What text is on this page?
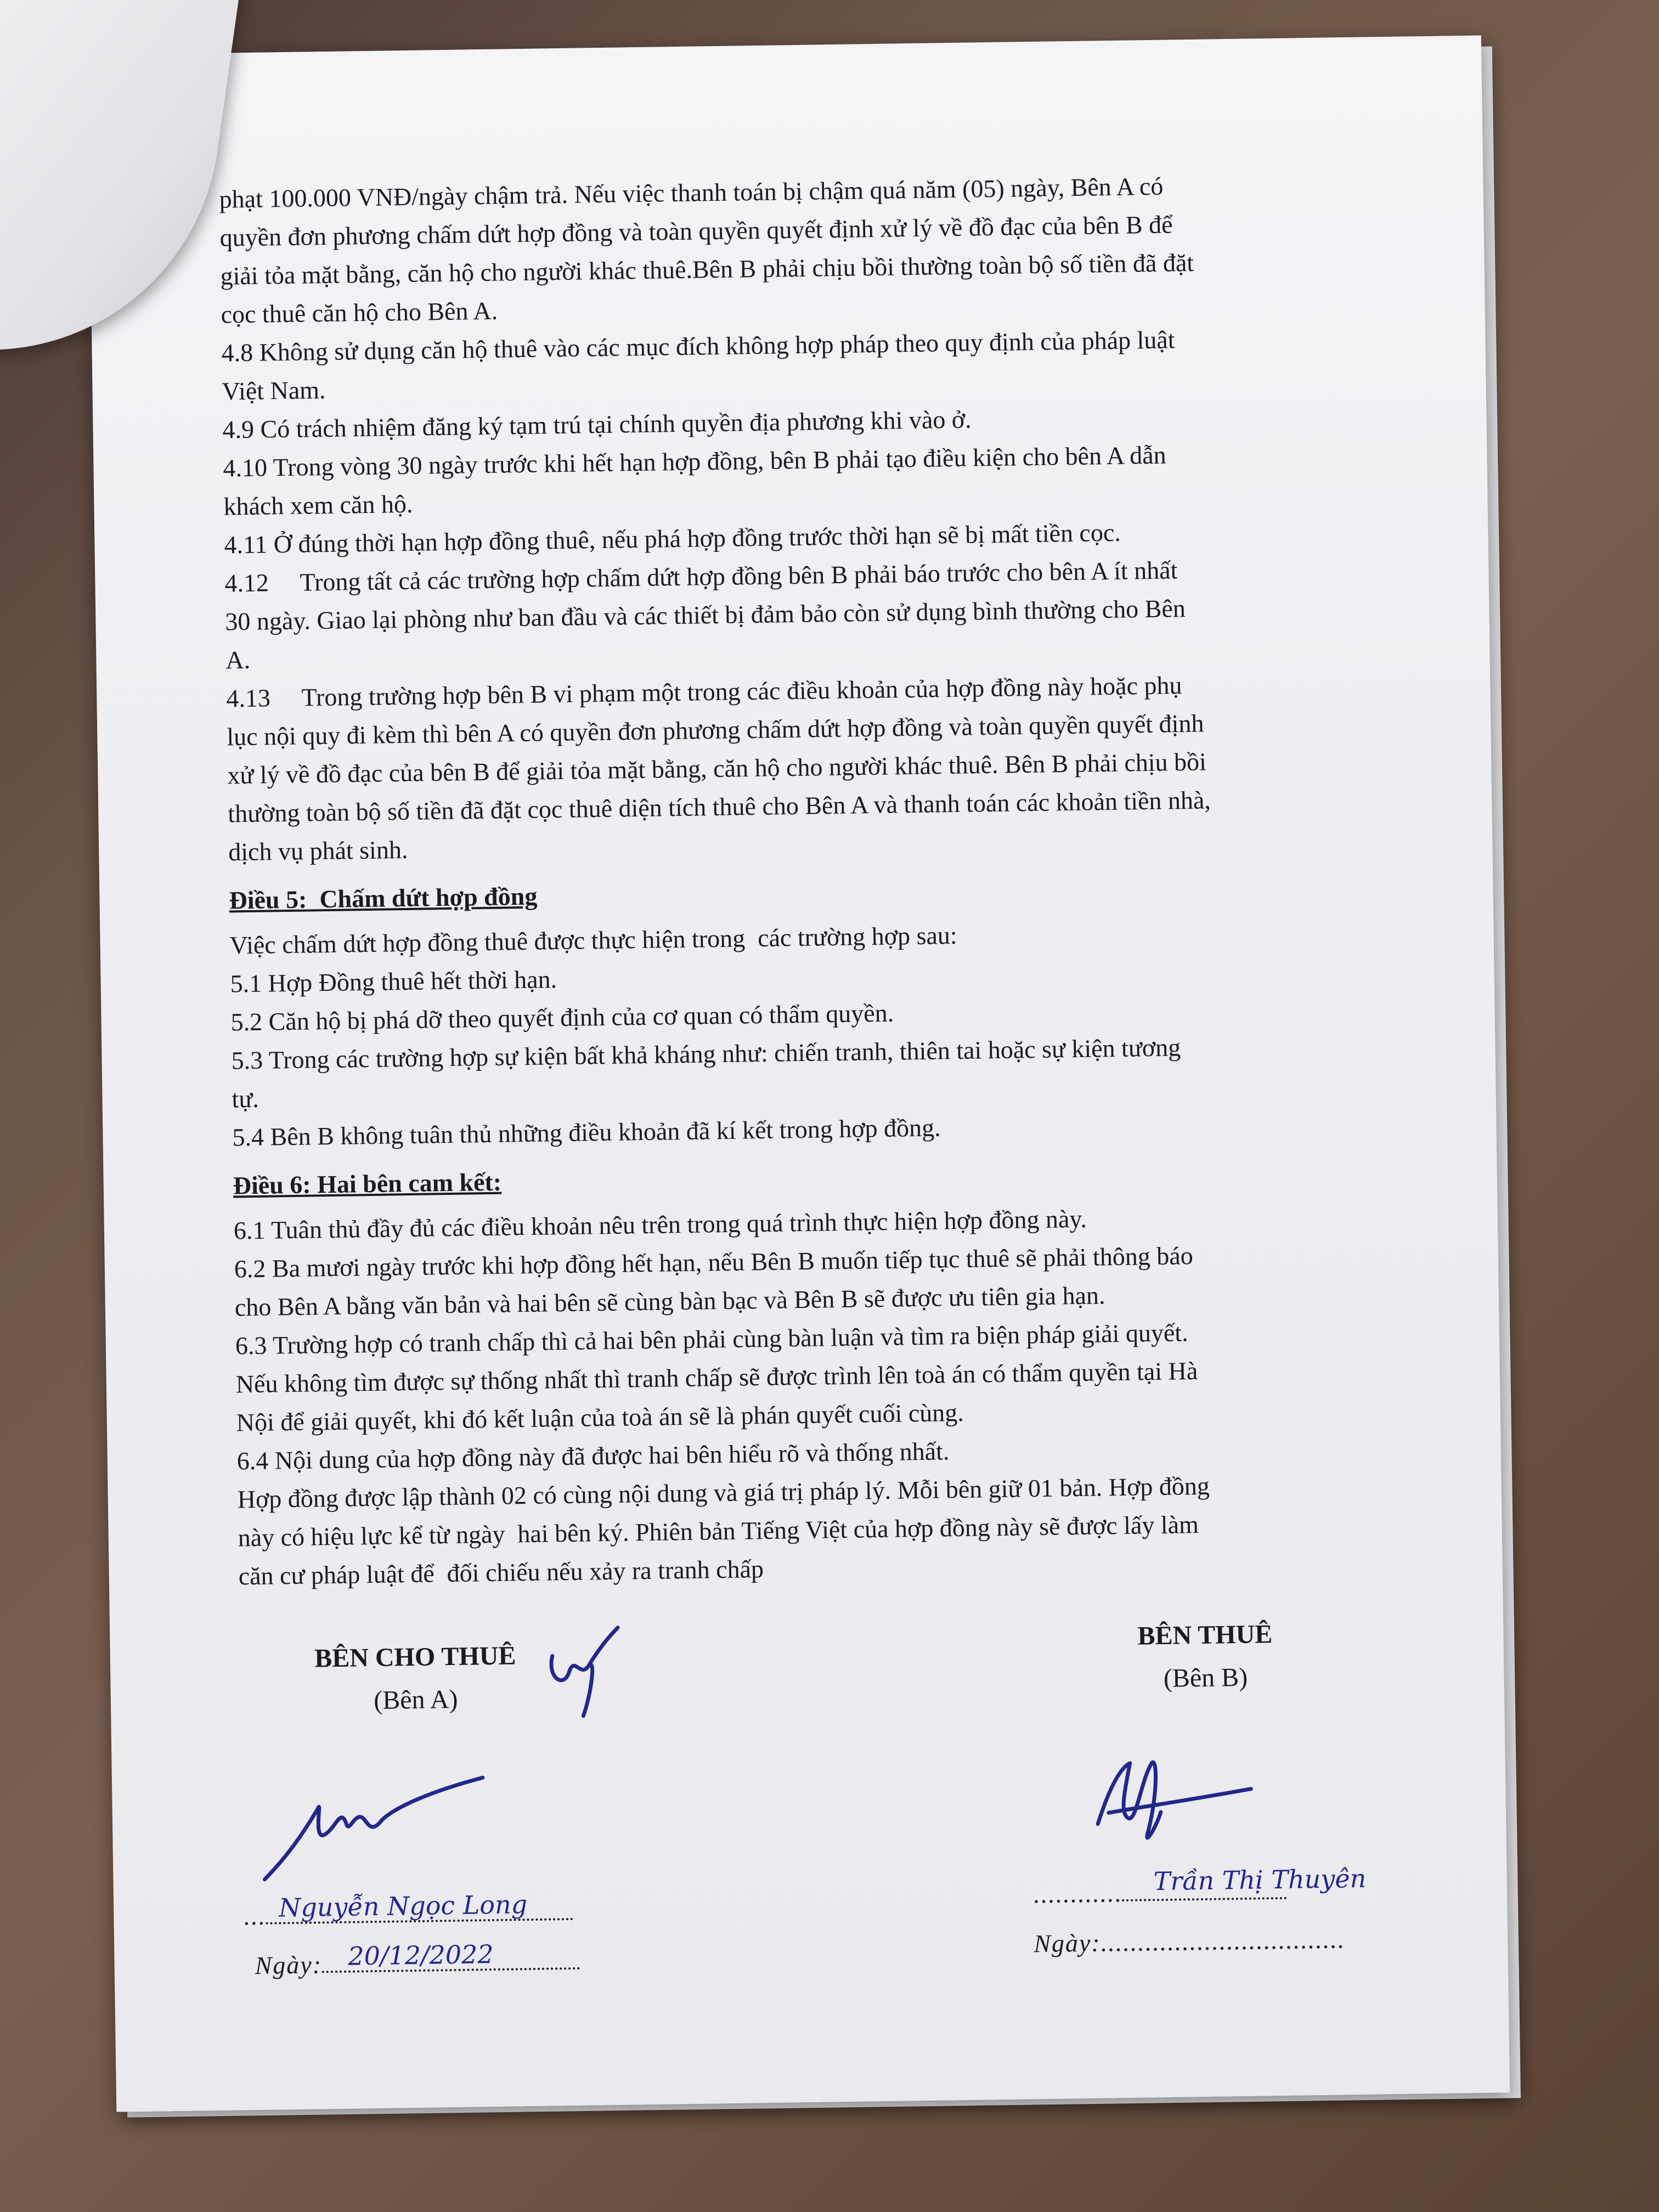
phạt 100.000 VNĐ/ngày chậm trả. Nếu việc thanh toán bị chậm quá năm (05) ngày, Bên A có

quyền đơn phương chấm dứt hợp đồng và toàn quyền quyết định xử lý về đồ đạc của bên B để

giải tỏa mặt bằng, căn hộ cho người khác thuê.Bên B phải chịu bồi thường toàn bộ số tiền đã đặt

cọc thuê căn hộ cho Bên A.

4.8 Không sử dụng căn hộ thuê vào các mục đích không hợp pháp theo quy định của pháp luật

Việt Nam.

4.9 Có trách nhiệm đăng ký tạm trú tại chính quyền địa phương khi vào ở.

4.10 Trong vòng 30 ngày trước khi hết hạn hợp đồng, bên B phải tạo điều kiện cho bên A dẫn

khách xem căn hộ.

4.11 Ở đúng thời hạn hợp đồng thuê, nếu phá hợp đồng trước thời hạn sẽ bị mất tiền cọc.

4.12     Trong tất cả các trường hợp chấm dứt hợp đồng bên B phải báo trước cho bên A ít nhất

30 ngày. Giao lại phòng như ban đầu và các thiết bị đảm bảo còn sử dụng bình thường cho Bên

A.

4.13     Trong trường hợp bên B vi phạm một trong các điều khoản của hợp đồng này hoặc phụ

lục nội quy đi kèm thì bên A có quyền đơn phương chấm dứt hợp đồng và toàn quyền quyết định

xử lý về đồ đạc của bên B để giải tỏa mặt bằng, căn hộ cho người khác thuê. Bên B phải chịu bồi

thường toàn bộ số tiền đã đặt cọc thuê diện tích thuê cho Bên A và thanh toán các khoản tiền nhà,

dịch vụ phát sinh.

Điều 5: Chấm dứt hợp đồng

Việc chấm dứt hợp đồng thuê được thực hiện trong  các trường hợp sau:

5.1 Hợp Đồng thuê hết thời hạn.

5.2 Căn hộ bị phá dỡ theo quyết định của cơ quan có thẩm quyền.

5.3 Trong các trường hợp sự kiện bất khả kháng như: chiến tranh, thiên tai hoặc sự kiện tương

tự.

5.4 Bên B không tuân thủ những điều khoản đã kí kết trong hợp đồng.

Điều 6: Hai bên cam kết:

6.1 Tuân thủ đầy đủ các điều khoản nêu trên trong quá trình thực hiện hợp đồng này.

6.2 Ba mươi ngày trước khi hợp đồng hết hạn, nếu Bên B muốn tiếp tục thuê sẽ phải thông báo

cho Bên A bằng văn bản và hai bên sẽ cùng bàn bạc và Bên B sẽ được ưu tiên gia hạn.

6.3 Trường hợp có tranh chấp thì cả hai bên phải cùng bàn luận và tìm ra biện pháp giải quyết.

Nếu không tìm được sự thống nhất thì tranh chấp sẽ được trình lên toà án có thẩm quyền tại Hà

Nội để giải quyết, khi đó kết luận của toà án sẽ là phán quyết cuối cùng.

6.4 Nội dung của hợp đồng này đã được hai bên hiểu rõ và thống nhất.

Hợp đồng được lập thành 02 có cùng nội dung và giá trị pháp lý. Mỗi bên giữ 01 bản. Hợp đồng

này có hiệu lực kể từ ngày  hai bên ký. Phiên bản Tiếng Việt của hợp đồng này sẽ được lấy làm

căn cư pháp luật để  đối chiếu nếu xảy ra tranh chấp

BÊN CHO THUÊ
(Bên A)
BÊN THUÊ
(Bên B)
... Nguyễn Ngọc Long
Ngày:	20/12/2022
............	Trần Thị Thuyên
Ngày:.................................
